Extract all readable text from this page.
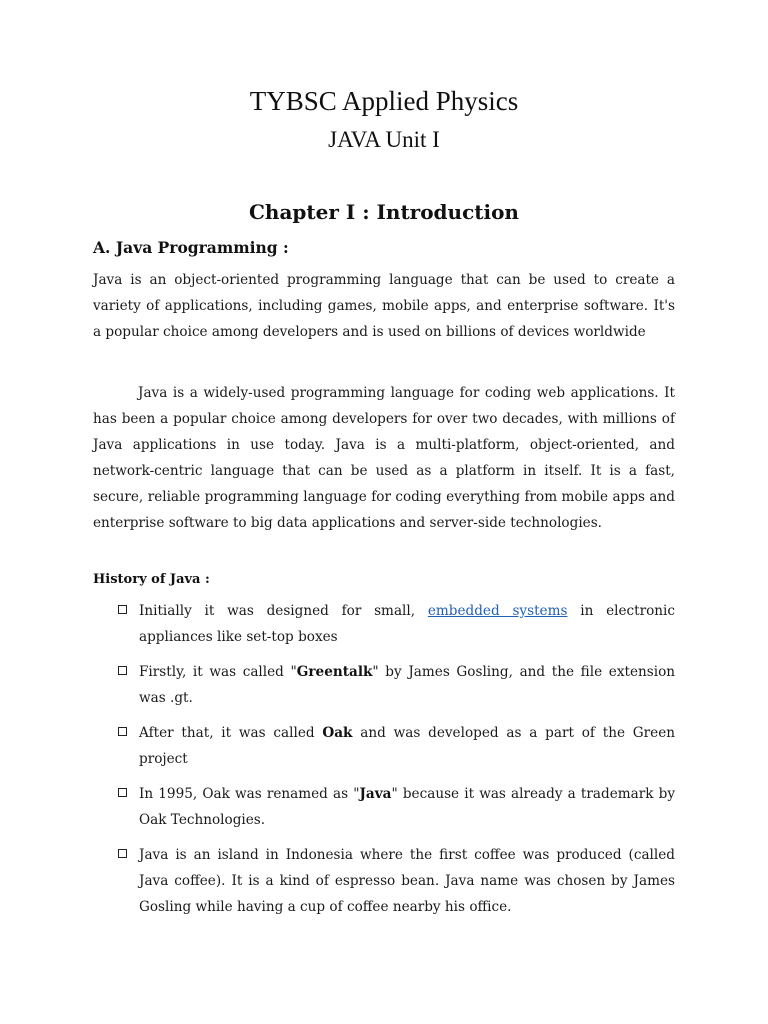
TYBSC Applied Physics
JAVA Unit I
Chapter I : Introduction
A. Java Programming :
Java is an object-oriented programming language that can be used to create a variety of applications, including games, mobile apps, and enterprise software. It's a popular choice among developers and is used on billions of devices worldwide
Java is a widely-used programming language for coding web applications. It has been a popular choice among developers for over two decades, with millions of Java applications in use today. Java is a multi-platform, object-oriented, and network-centric language that can be used as a platform in itself. It is a fast, secure, reliable programming language for coding everything from mobile apps and enterprise software to big data applications and server-side technologies.
History of Java :
Initially it was designed for small, embedded systems in electronic appliances like set-top boxes
Firstly, it was called "Greentalk" by James Gosling, and the file extension was .gt.
After that, it was called Oak and was developed as a part of the Green project
In 1995, Oak was renamed as "Java" because it was already a trademark by Oak Technologies.
Java is an island in Indonesia where the first coffee was produced (called Java coffee). It is a kind of espresso bean. Java name was chosen by James Gosling while having a cup of coffee nearby his office.
